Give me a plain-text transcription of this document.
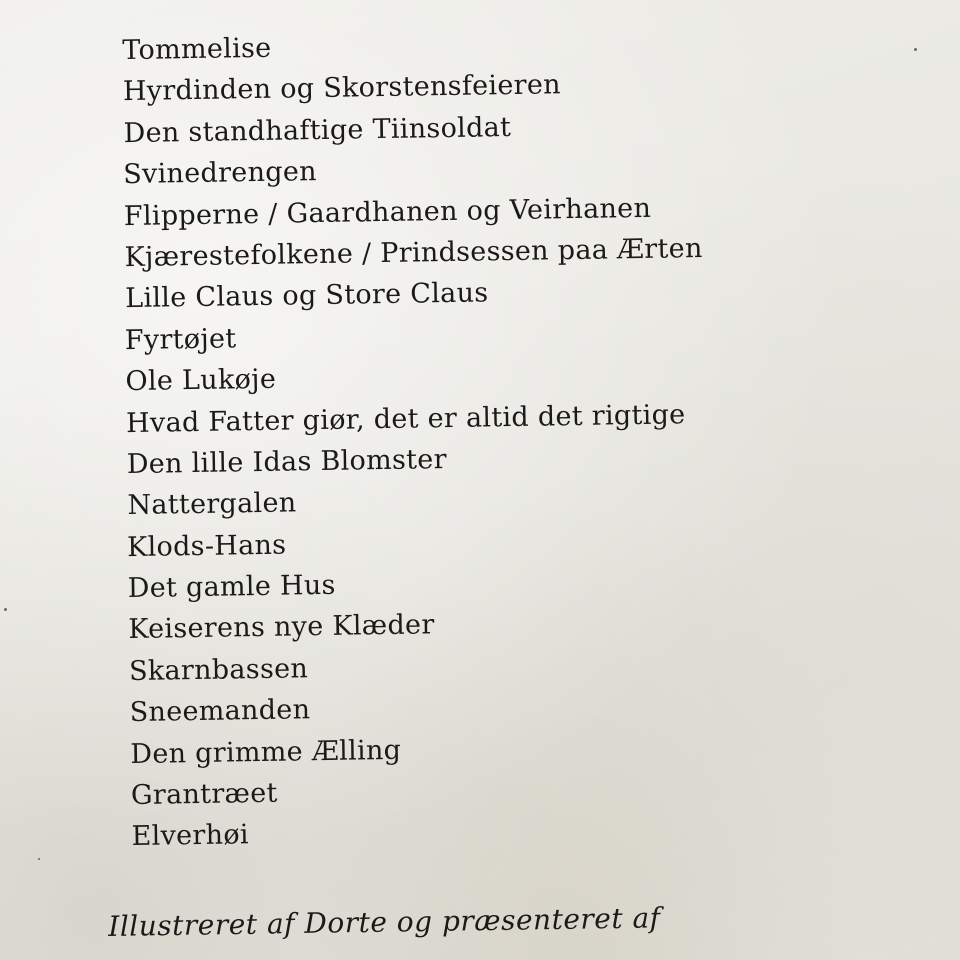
Tommelise
Hyrdinden og Skorstensfeieren
Den standhaftige Tiinsoldat
Svinedrengen
Flipperne / Gaardhanen og Veirhanen
Kjærestefolkene / Prindsessen paa Ærten
Lille Claus og Store Claus
Fyrtøjet
Ole Lukøje
Hvad Fatter giør, det er altid det rigtige
Den lille Idas Blomster
Nattergalen
Klods-Hans
Det gamle Hus
Keiserens nye Klæder
Skarnbassen
Sneemanden
Den grimme Ælling
Grantræet
Elverhøi
Illustreret af Dorte og præsenteret af
